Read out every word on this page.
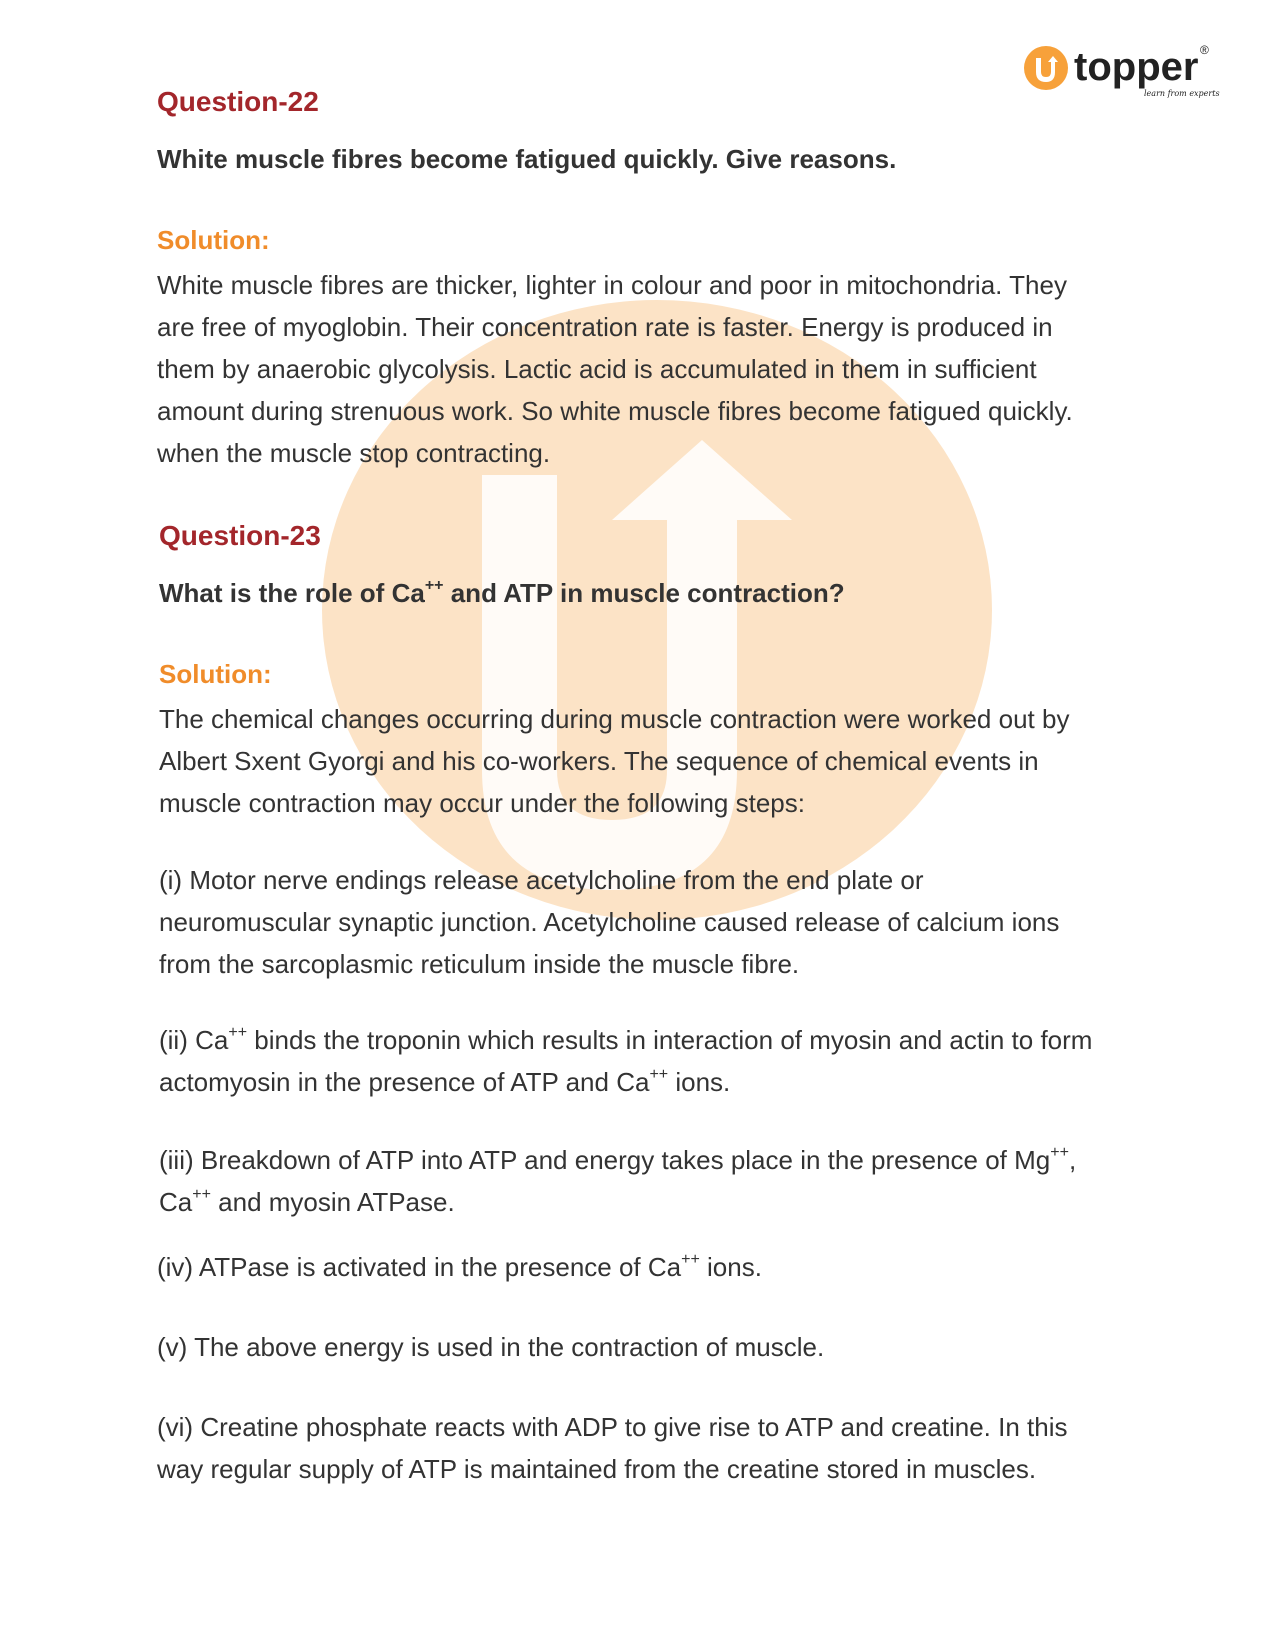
topper ®
learn from experts
Question-22

White muscle fibres become fatigued quickly. Give reasons.

Solution:

White muscle fibres are thicker, lighter in colour and poor in mitochondria. They are free of myoglobin. Their concentration rate is faster. Energy is produced in them by anaerobic glycolysis. Lactic acid is accumulated in them in sufficient amount during strenuous work. So white muscle fibres become fatigued quickly. when the muscle stop contracting.

Question-23

What is the role of Ca++ and ATP in muscle contraction?

Solution:

The chemical changes occurring during muscle contraction were worked out by Albert Sxent Gyorgi and his co-workers. The sequence of chemical events in muscle contraction may occur under the following steps:

(i) Motor nerve endings release acetylcholine from the end plate or neuromuscular synaptic junction. Acetylcholine caused release of calcium ions from the sarcoplasmic reticulum inside the muscle fibre.

(ii) Ca++ binds the troponin which results in interaction of myosin and actin to form actomyosin in the presence of ATP and Ca++ ions.

(iii) Breakdown of ATP into ATP and energy takes place in the presence of Mg++, Ca++ and myosin ATPase.

(iv) ATPase is activated in the presence of Ca++ ions.

(v) The above energy is used in the contraction of muscle.

(vi) Creatine phosphate reacts with ADP to give rise to ATP and creatine. In this way regular supply of ATP is maintained from the creatine stored in muscles.
